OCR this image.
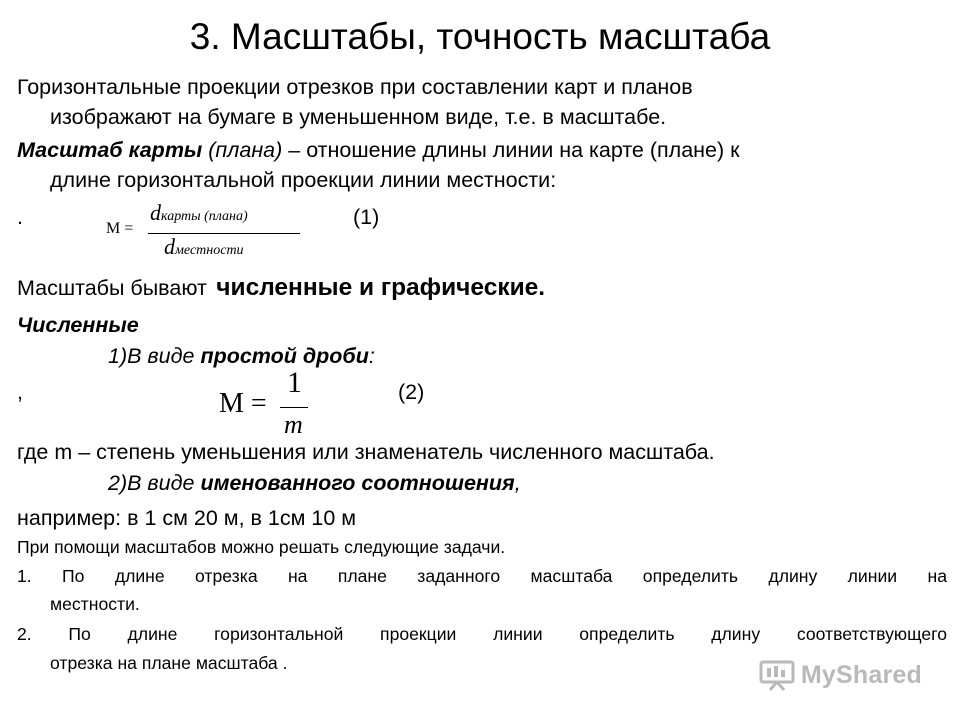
3. Масштабы, точность масштаба
Горизонтальные проекции отрезков при составлении карт и планов
изображают на бумаге в уменьшенном виде, т.е. в масштабе.
Масштаб карты (плана) – отношение длины линии на карте (плане) к
длине горизонтальной проекции линии местности:
.	М =
dкарты (плана)
dместности
(1)
Масштабы бывают численные и графические.
Численные
1)В виде простой дроби:
,	M =
1
m
(2)
где m – степень уменьшения или знаменатель численного масштаба.
2)В виде именованного соотношения,
например: в 1 см 20 м, в 1см 10 м
При помощи масштабов можно решать следующие задачи.
1. По длине отрезка на плане заданного масштаба определить длину линии на
местности.
2. По длине горизонтальной проекции линии определить длину соответствующего
отрезка на плане масштаба .	MyShared
